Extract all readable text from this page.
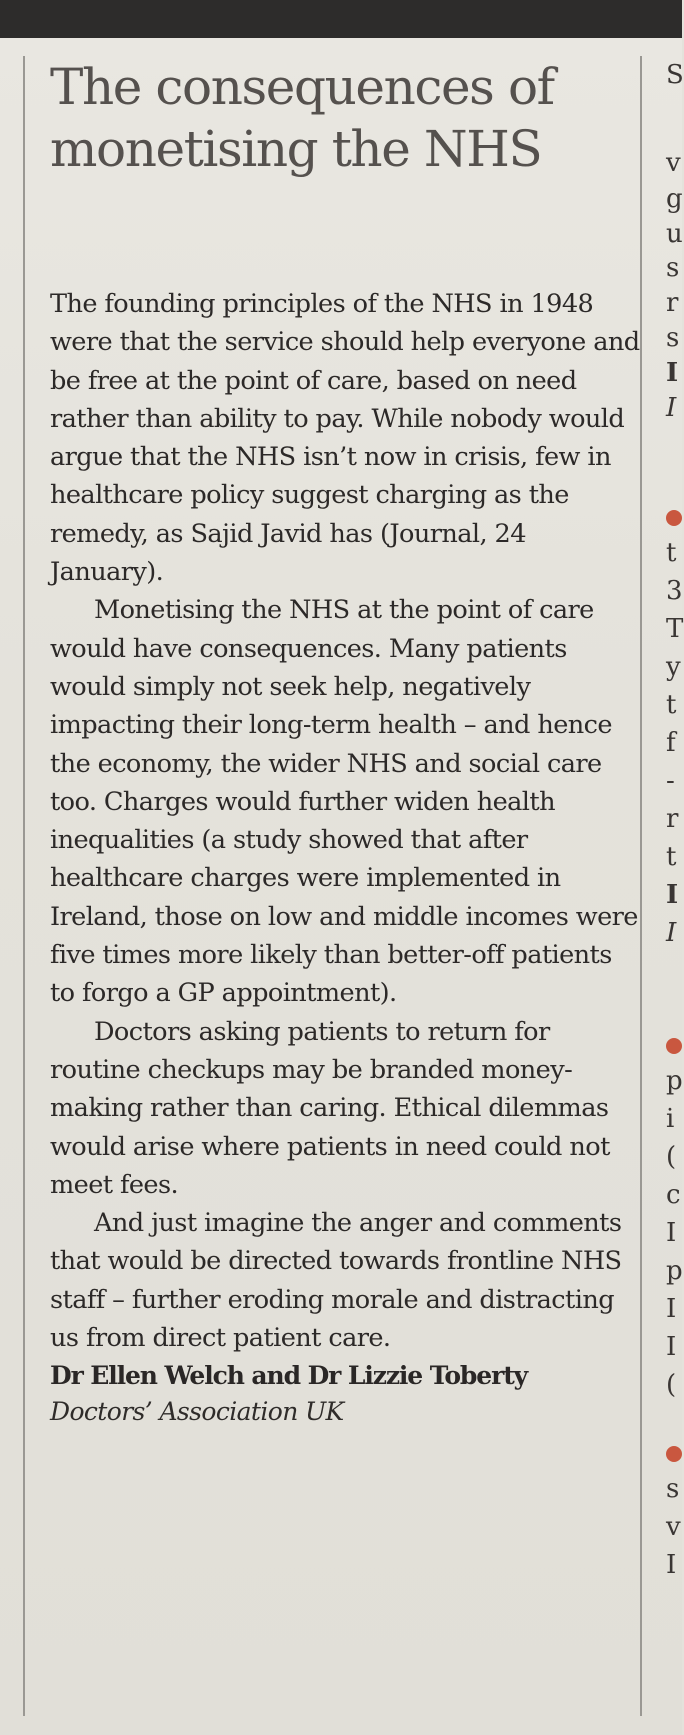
The consequences of monetising the NHS

The founding principles of the NHS in 1948 were that the service should help everyone and be free at the point of care, based on need rather than ability to pay. While nobody would argue that the NHS isn’t now in crisis, few in healthcare policy suggest charging as the remedy, as Sajid Javid has (Journal, 24 January).

Monetising the NHS at the point of care would have consequences. Many patients would simply not seek help, negatively impacting their long-term health – and hence the economy, the wider NHS and social care too. Charges would further widen health inequalities (a study showed that after healthcare charges were implemented in Ireland, those on low and middle incomes were five times more likely than better-off patients to forgo a GP appointment).

Doctors asking patients to return for routine checkups may be branded money-making rather than caring. Ethical dilemmas would arise where patients in need could not meet fees.

And just imagine the anger and comments that would be directed towards frontline NHS staff – further eroding morale and distracting us from direct patient care.

Dr Ellen Welch and Dr Lizzie Toberty

Doctors’ Association UK

S
v
g
u
s
r
s
I
I
t
3
T
y
t
f
-
r
t
I
I
p
i
(
c
I
p
I
I
(
s
v
I
